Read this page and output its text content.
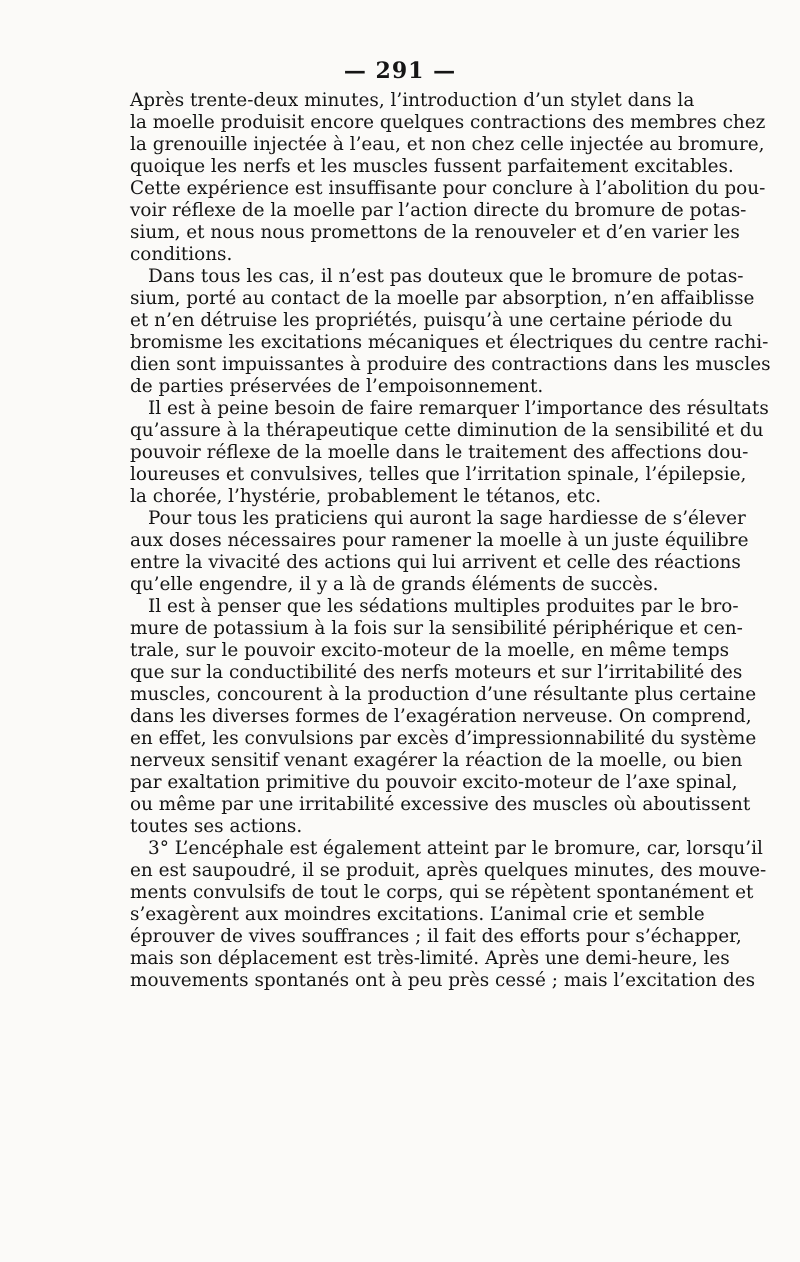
— 291 —
Après trente-deux minutes, l’introduction d’un stylet dans la
la moelle produisit encore quelques contractions des membres chez
la grenouille injectée à l’eau, et non chez celle injectée au bromure,
quoique les nerfs et les muscles fussent parfaitement excitables.
Cette expérience est insuffisante pour conclure à l’abolition du pou-
voir réflexe de la moelle par l’action directe du bromure de potas-
sium, et nous nous promettons de la renouveler et d’en varier les
conditions.
Dans tous les cas, il n’est pas douteux que le bromure de potas-
sium, porté au contact de la moelle par absorption, n’en affaiblisse
et n’en détruise les propriétés, puisqu’à une certaine période du
bromisme les excitations mécaniques et électriques du centre rachi-
dien sont impuissantes à produire des contractions dans les muscles
de parties préservées de l’empoisonnement.
Il est à peine besoin de faire remarquer l’importance des résultats
qu’assure à la thérapeutique cette diminution de la sensibilité et du
pouvoir réflexe de la moelle dans le traitement des affections dou-
loureuses et convulsives, telles que l’irritation spinale, l’épilepsie,
la chorée, l’hystérie, probablement le tétanos, etc.
Pour tous les praticiens qui auront la sage hardiesse de s’élever
aux doses nécessaires pour ramener la moelle à un juste équilibre
entre la vivacité des actions qui lui arrivent et celle des réactions
qu’elle engendre, il y a là de grands éléments de succès.
Il est à penser que les sédations multiples produites par le bro-
mure de potassium à la fois sur la sensibilité périphérique et cen-
trale, sur le pouvoir excito-moteur de la moelle, en même temps
que sur la conductibilité des nerfs moteurs et sur l’irritabilité des
muscles, concourent à la production d’une résultante plus certaine
dans les diverses formes de l’exagération nerveuse. On comprend,
en effet, les convulsions par excès d’impressionnabilité du système
nerveux sensitif venant exagérer la réaction de la moelle, ou bien
par exaltation primitive du pouvoir excito-moteur de l’axe spinal,
ou même par une irritabilité excessive des muscles où aboutissent
toutes ses actions.
3° L’encéphale est également atteint par le bromure, car, lorsqu’il
en est saupoudré, il se produit, après quelques minutes, des mouve-
ments convulsifs de tout le corps, qui se répètent spontanément et
s’exagèrent aux moindres excitations. L’animal crie et semble
éprouver de vives souffrances ; il fait des efforts pour s’échapper,
mais son déplacement est très-limité. Après une demi-heure, les
mouvements spontanés ont à peu près cessé ; mais l’excitation des
